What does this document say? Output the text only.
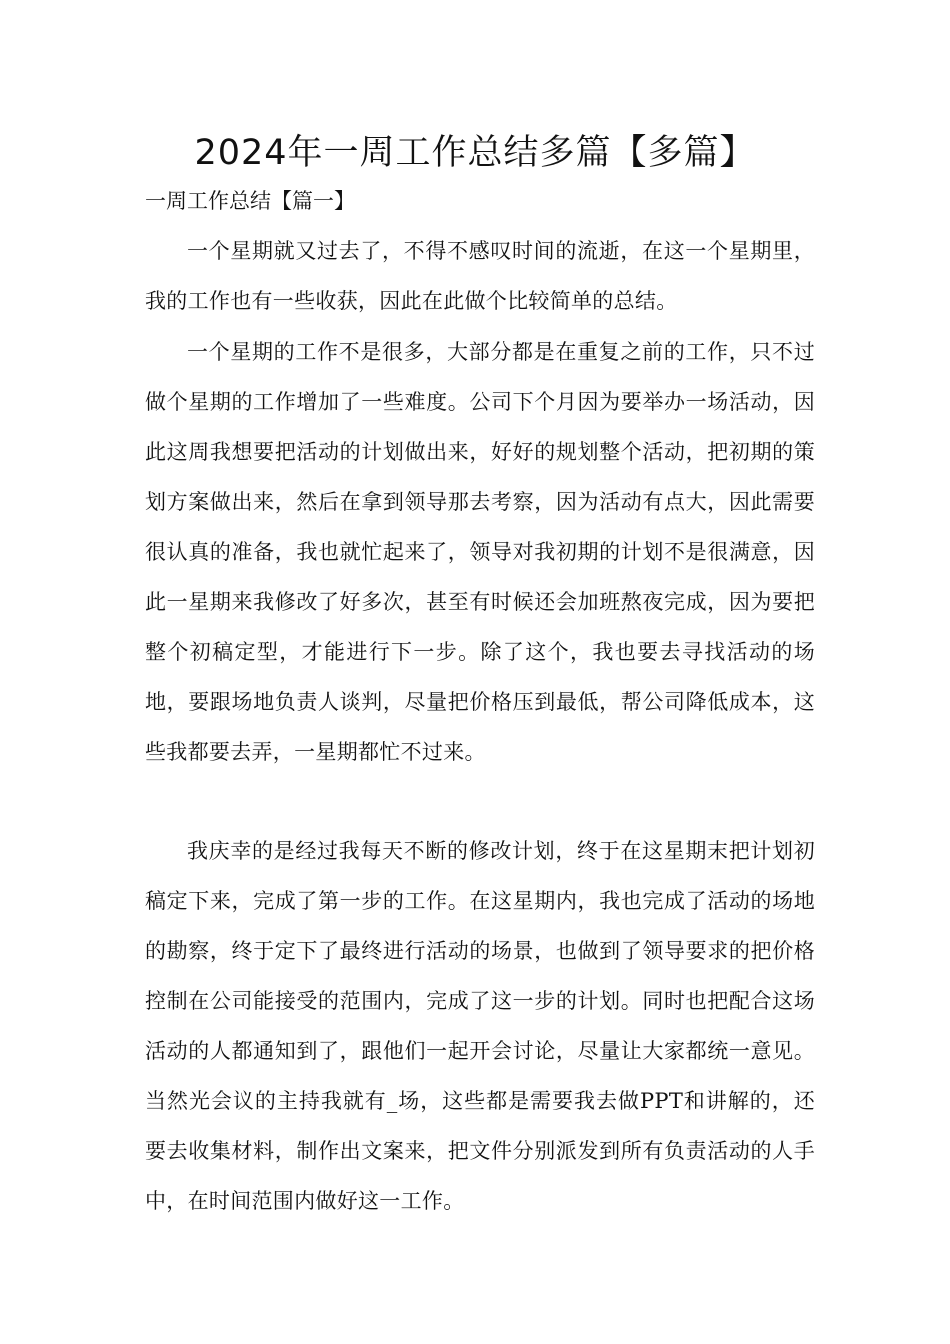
2024年一周工作总结多篇【多篇】

一周工作总结【篇一】

一个星期就又过去了，不得不感叹时间的流逝，在这一个星期里，我的工作也有一些收获，因此在此做个比较简单的总结。

一个星期的工作不是很多，大部分都是在重复之前的工作，只不过做个星期的工作增加了一些难度。公司下个月因为要举办一场活动，因此这周我想要把活动的计划做出来，好好的规划整个活动，把初期的策划方案做出来，然后在拿到领导那去考察，因为活动有点大，因此需要很认真的准备，我也就忙起来了，领导对我初期的计划不是很满意，因此一星期来我修改了好多次，甚至有时候还会加班熬夜完成，因为要把整个初稿定型，才能进行下一步。除了这个，我也要去寻找活动的场地，要跟场地负责人谈判，尽量把价格压到最低，帮公司降低成本，这些我都要去弄，一星期都忙不过来。

我庆幸的是经过我每天不断的修改计划，终于在这星期末把计划初稿定下来，完成了第一步的工作。在这星期内，我也完成了活动的场地的勘察，终于定下了最终进行活动的场景，也做到了领导要求的把价格控制在公司能接受的范围内，完成了这一步的计划。同时也把配合这场活动的人都通知到了，跟他们一起开会讨论，尽量让大家都统一意见。当然光会议的主持我就有_场，这些都是需要我去做PPT和讲解的，还要去收集材料，制作出文案来，把文件分别派发到所有负责活动的人手中，在时间范围内做好这一工作。
